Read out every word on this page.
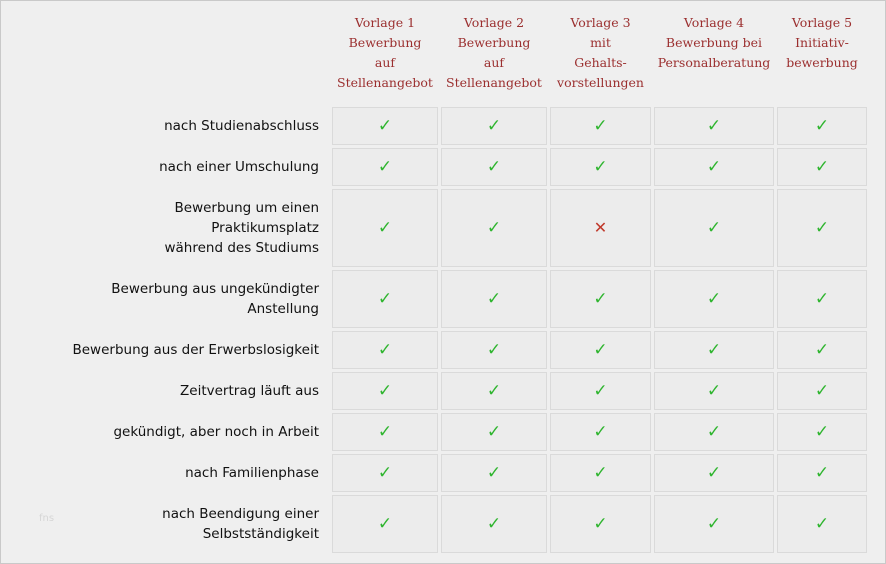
	Vorlage 1
Bewerbung
auf
Stellenangebot	Vorlage 2
Bewerbung
auf
Stellenangebot	Vorlage 3
mit
Gehalts-
vorstellungen	Vorlage 4
Bewerbung bei
Personalberatung	Vorlage 5
Initiativ-
bewerbung
nach Studienabschluss	✓	✓	✓	✓	✓
nach einer Umschulung	✓	✓	✓	✓	✓
Bewerbung um einen
Praktikumsplatz
während des Studiums	✓	✓	✕	✓	✓
Bewerbung aus ungekündigter
Anstellung	✓	✓	✓	✓	✓
Bewerbung aus der Erwerbslosigkeit	✓	✓	✓	✓	✓
Zeitvertrag läuft aus	✓	✓	✓	✓	✓
gekündigt, aber noch in Arbeit	✓	✓	✓	✓	✓
nach Familienphase	✓	✓	✓	✓	✓
nach Beendigung einer
Selbstständigkeit	✓	✓	✓	✓	✓
fns
